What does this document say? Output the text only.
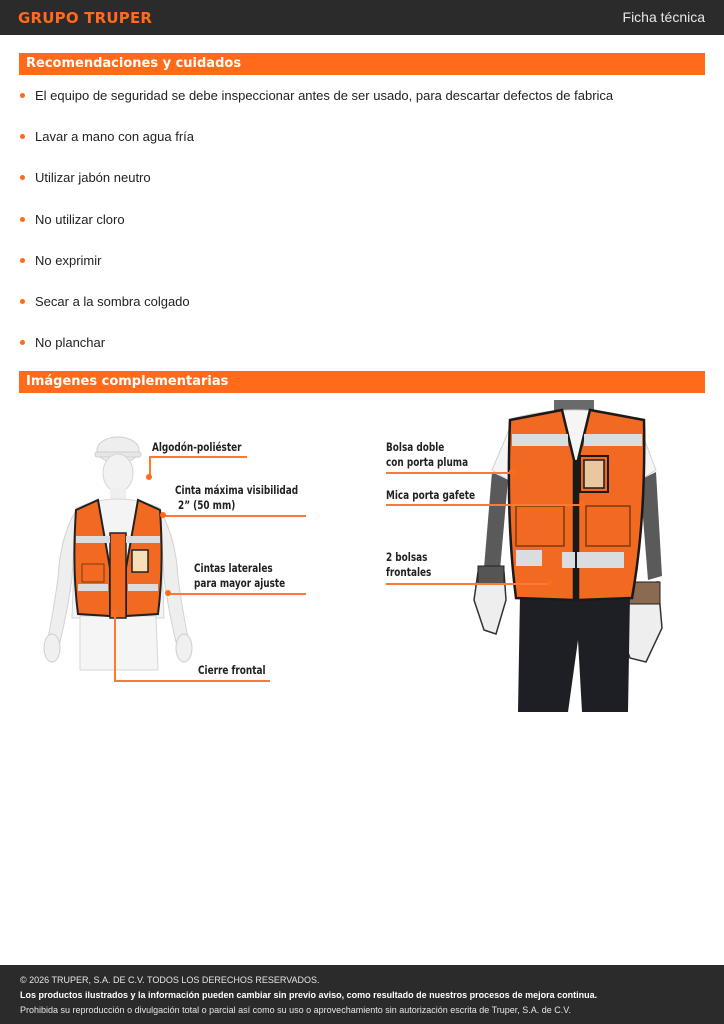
GRUPO TRUPER	Ficha técnica
Recomendaciones y cuidados
El equipo de seguridad se debe inspeccionar antes de ser usado, para descartar defectos de fabrica
Lavar a mano con agua fría
Utilizar jabón neutro
No utilizar cloro
No exprimir
Secar a la sombra colgado
No planchar
Imágenes complementarias
Algodón-poliéster
Cinta máxima visibilidad
2” (50 mm)
Cintas laterales
para mayor ajuste
Cierre frontal
Bolsa doble
con porta pluma
Mica porta gafete
2 bolsas
frontales
© 2026 TRUPER, S.A. DE C.V. TODOS LOS DERECHOS RESERVADOS.
Los productos ilustrados y la información pueden cambiar sin previo aviso, como resultado de nuestros procesos de mejora continua.
Prohibida su reproducción o divulgación total o parcial así como su uso o aprovechamiento sin autorización escrita de Truper, S.A. de C.V.
